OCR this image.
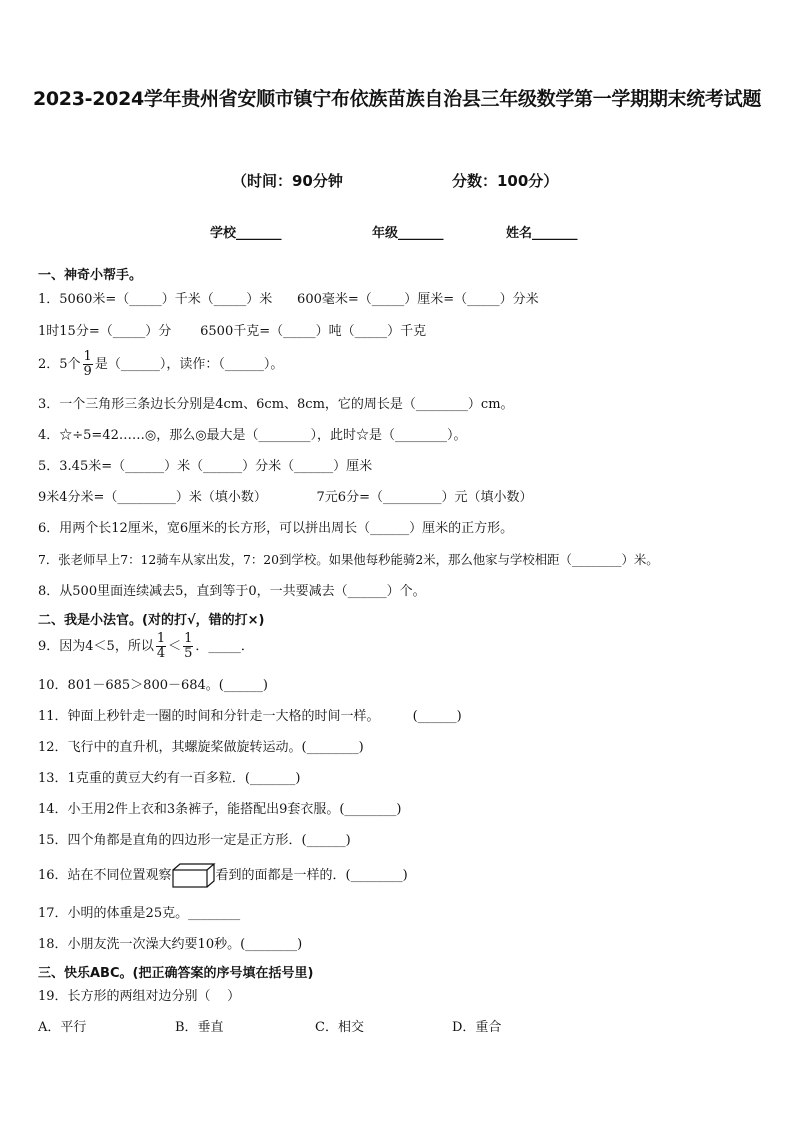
2023-2024学年贵州省安顺市镇宁布依族苗族自治县三年级数学第一学期期末统考试题
（时间：90分钟	分数：100分）
学校_______	年级_______	姓名_______
一、神奇小帮手。
1．5060米=（_____）千米（_____）米      600毫米=（_____）厘米=（_____）分米
1时15分=（_____）分       6500千克=（_____）吨（_____）千克
2．5个 $\frac{1}{9}$ 是（______），读作：（______）。
3．一个三角形三条边长分别是4cm、6cm、8cm，它的周长是（________）cm。
4．☆÷5=42……◎，那么◎最大是（________），此时☆是（________）。
5．3.45米=（______）米（______）分米（______）厘米
9米4分米=（_________）米（填小数）            7元6分=（_________）元（填小数）
6．用两个长12厘米，宽6厘米的长方形，可以拼出周长（______）厘米的正方形。
7．张老师早上7：12骑车从家出发，7：20到学校。如果他每秒能骑2米，那么他家与学校相距（________）米。
8．从500里面连续减去5，直到等于0，一共要减去（______）个。
二、我是小法官。(对的打√，错的打×)
9．因为4＜5，所以 $\frac{1}{4} < \frac{1}{5}$ ．_____．
10．801－685＞800－684。(______)
11．钟面上秒针走一圈的时间和分针走一大格的时间一样。        (______)
12．飞行中的直升机，其螺旋桨做旋转运动。(________)
13．1克重的黄豆大约有一百多粒．(_______)
14．小王用2件上衣和3条裤子，能搭配出9套衣服。(________)
15．四个角都是直角的四边形一定是正方形．(______)
16．站在不同位置观察	看到的面都是一样的．(________)
17．小明的体重是25克。________
18．小朋友洗一次澡大约要10秒。(________)
三、快乐ABC。(把正确答案的序号填在括号里)
19．长方形的两组对边分别（    ）

A．平行

	B．垂直

	C．相交

	D．重合
